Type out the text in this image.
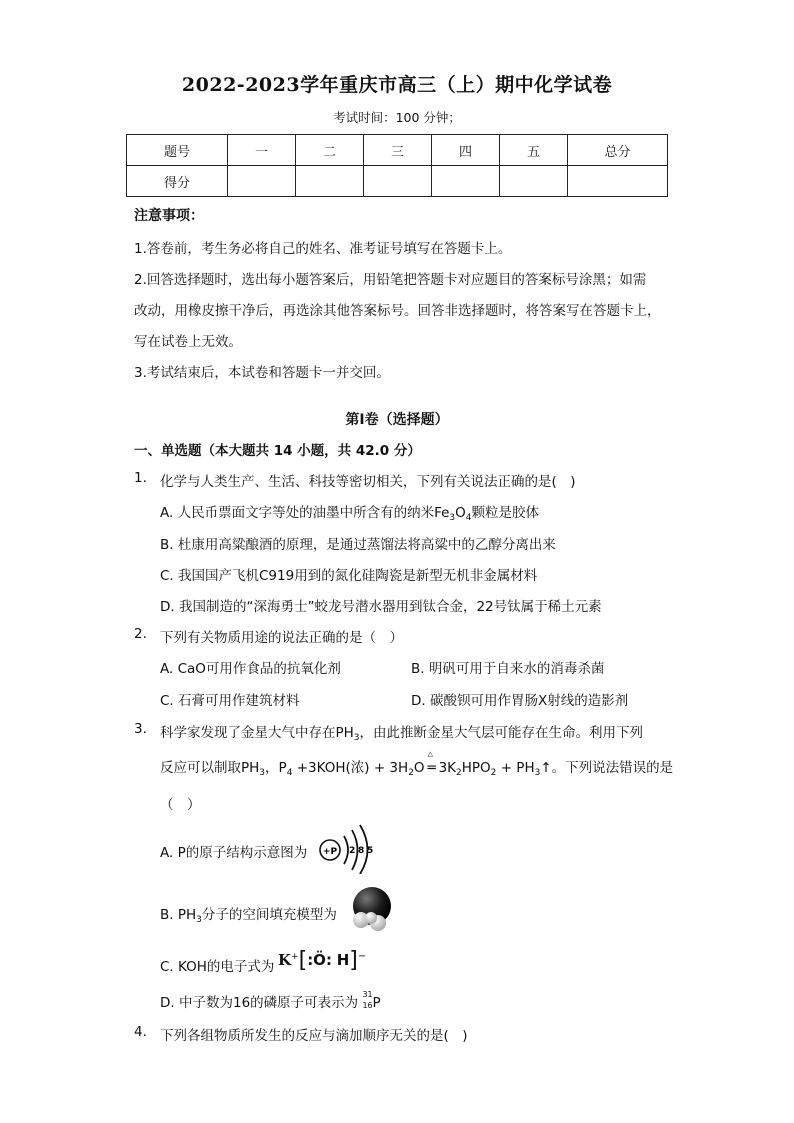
2022-2023学年重庆市高三（上）期中化学试卷
考试时间：100 分钟；
题号	一	二	三	四	五	总分
得分						
注意事项：
1.答卷前，考生务必将自己的姓名、准考证号填写在答题卡上。
2.回答选择题时，选出每小题答案后，用铅笔把答题卡对应题目的答案标号涂黑；如需
改动，用橡皮擦干净后，再选涂其他答案标号。回答非选择题时，将答案写在答题卡上，
写在试卷上无效。
3.考试结束后，本试卷和答题卡一并交回。
第Ⅰ卷（选择题）
一、单选题（本大题共 14 小题，共 42.0 分）
1. 化学与人类生产、生活、科技等密切相关，下列有关说法正确的是(　)
A. 人民币票面文字等处的油墨中所含有的纳米$Fe_3O_4$颗粒是胶体
B. 杜康用高粱酿酒的原理，是通过蒸馏法将高粱中的乙醇分离出来
C. 我国国产飞机C919用到的氮化硅陶瓷是新型无机非金属材料
D. 我国制造的“深海勇士”蛟龙号潜水器用到钛合金，22号钛属于稀土元素
2. 下列有关物质用途的说法正确的是（　）
A. CaO可用作食品的抗氧化剂	B. 明矾可用于自来水的消毒杀菌
C. 石膏可用作建筑材料	D. 碳酸钡可用作胃肠X射线的造影剂
3. 科学家发现了金星大气中存在$PH_3$，由此推断金星大气层可能存在生命。利用下列
反应可以制取$PH_3$，$P_4 +3KOH$(浓) + $3H_2O$
△
═ $3K_2HPO_2$ + $PH_3↑$。下列说法错误的是
（　）
A. P的原子结构示意图为 +P 2 8 5
B. $PH_3$分子的空间填充模型为
C. KOH的电子式为 K+[:Ö: H]−
D. 中子数为16的磷原子可表示为
31
16 P
4. 下列各组物质所发生的反应与滴加顺序无关的是(　)
